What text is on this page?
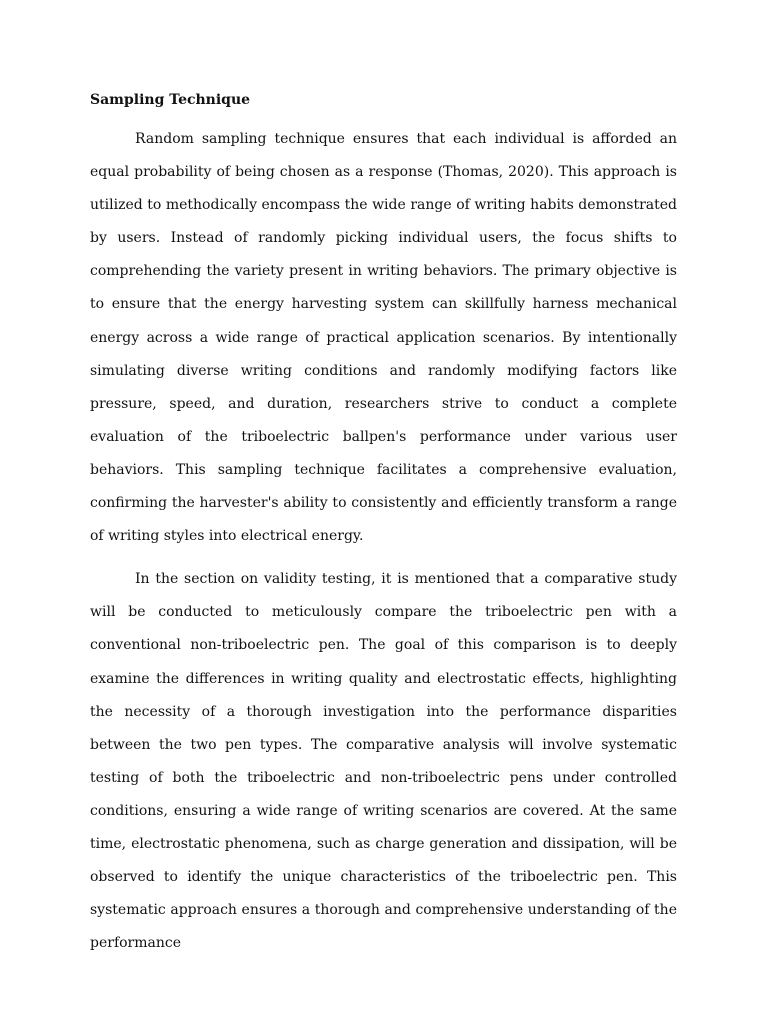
Sampling Technique

Random sampling technique ensures that each individual is afforded an equal probability of being chosen as a response (Thomas, 2020). This approach is utilized to methodically encompass the wide range of writing habits demonstrated by users. Instead of randomly picking individual users, the focus shifts to comprehending the variety present in writing behaviors. The primary objective is to ensure that the energy harvesting system can skillfully harness mechanical energy across a wide range of practical application scenarios. By intentionally simulating diverse writing conditions and randomly modifying factors like pressure, speed, and duration, researchers strive to conduct a complete evaluation of the triboelectric ballpen's performance under various user behaviors. This sampling technique facilitates a comprehensive evaluation, confirming the harvester's ability to consistently and efficiently transform a range of writing styles into electrical energy.

In the section on validity testing, it is mentioned that a comparative study will be conducted to meticulously compare the triboelectric pen with a conventional non-triboelectric pen. The goal of this comparison is to deeply examine the differences in writing quality and electrostatic effects, highlighting the necessity of a thorough investigation into the performance disparities between the two pen types. The comparative analysis will involve systematic testing of both the triboelectric and non-triboelectric pens under controlled conditions, ensuring a wide range of writing scenarios are covered. At the same time, electrostatic phenomena, such as charge generation and dissipation, will be observed to identify the unique characteristics of the triboelectric pen. This systematic approach ensures a thorough and comprehensive understanding of the performance
